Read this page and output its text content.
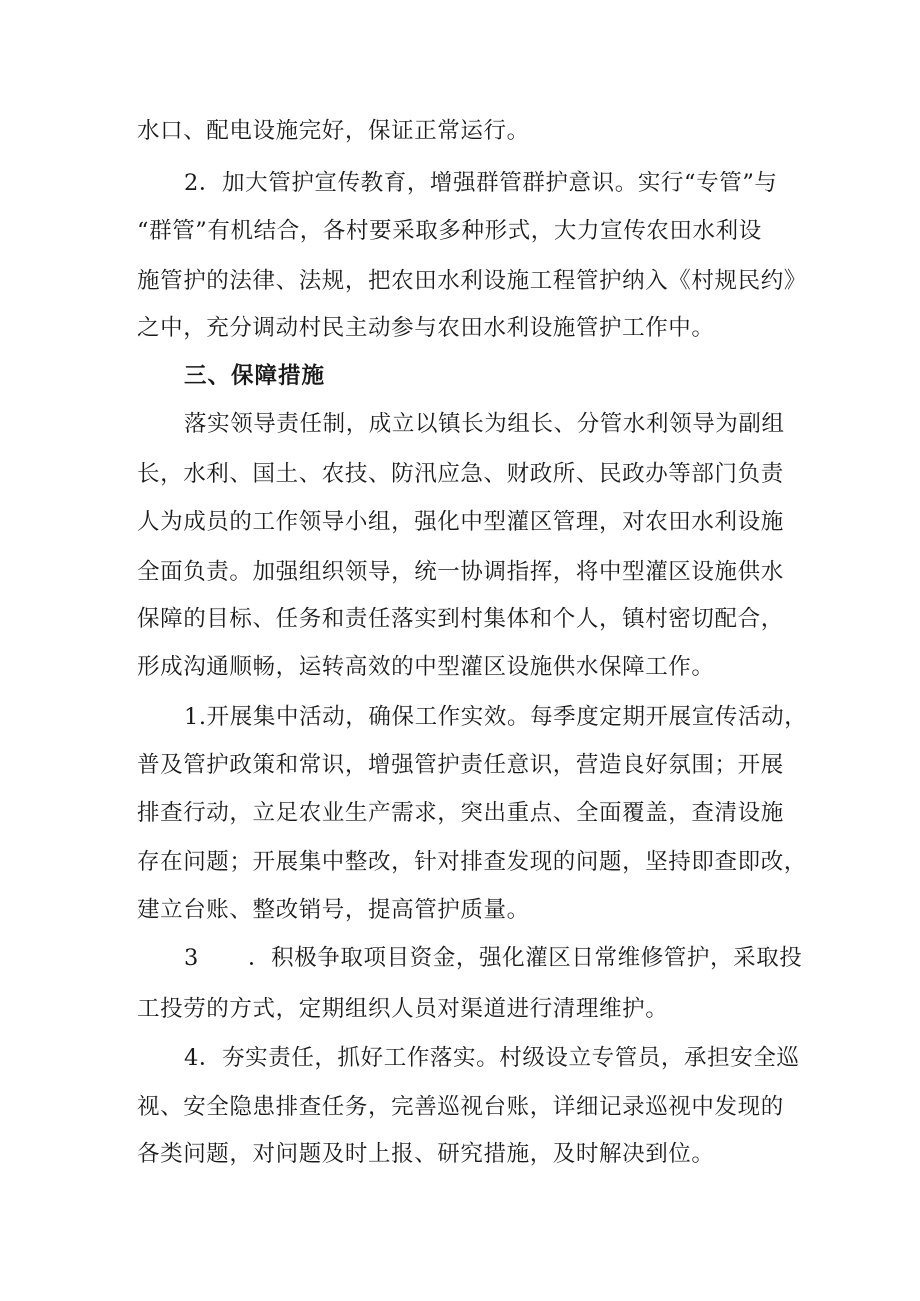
水口、配电设施完好，保证正常运行。
2．加大管护宣传教育，增强群管群护意识。实行“专管”与
“群管”有机结合，各村要采取多种形式，大力宣传农田水利设
施管护的法律、法规，把农田水利设施工程管护纳入《村规民约》
之中，充分调动村民主动参与农田水利设施管护工作中。
三、保障措施
落实领导责任制，成立以镇长为组长、分管水利领导为副组
长，水利、国土、农技、防汛应急、财政所、民政办等部门负责
人为成员的工作领导小组，强化中型灌区管理，对农田水利设施
全面负责。加强组织领导，统一协调指挥，将中型灌区设施供水
保障的目标、任务和责任落实到村集体和个人，镇村密切配合，
形成沟通顺畅，运转高效的中型灌区设施供水保障工作。
1.开展集中活动，确保工作实效。每季度定期开展宣传活动，
普及管护政策和常识，增强管护责任意识，营造良好氛围；开展
排查行动，立足农业生产需求，突出重点、全面覆盖，查清设施
存在问题；开展集中整改，针对排查发现的问题，坚持即查即改，
建立台账、整改销号，提高管护质量。
3 ．积极争取项目资金，强化灌区日常维修管护，采取投
工投劳的方式，定期组织人员对渠道进行清理维护。
4．夯实责任，抓好工作落实。村级设立专管员，承担安全巡
视、安全隐患排查任务，完善巡视台账，详细记录巡视中发现的
各类问题，对问题及时上报、研究措施，及时解决到位。
